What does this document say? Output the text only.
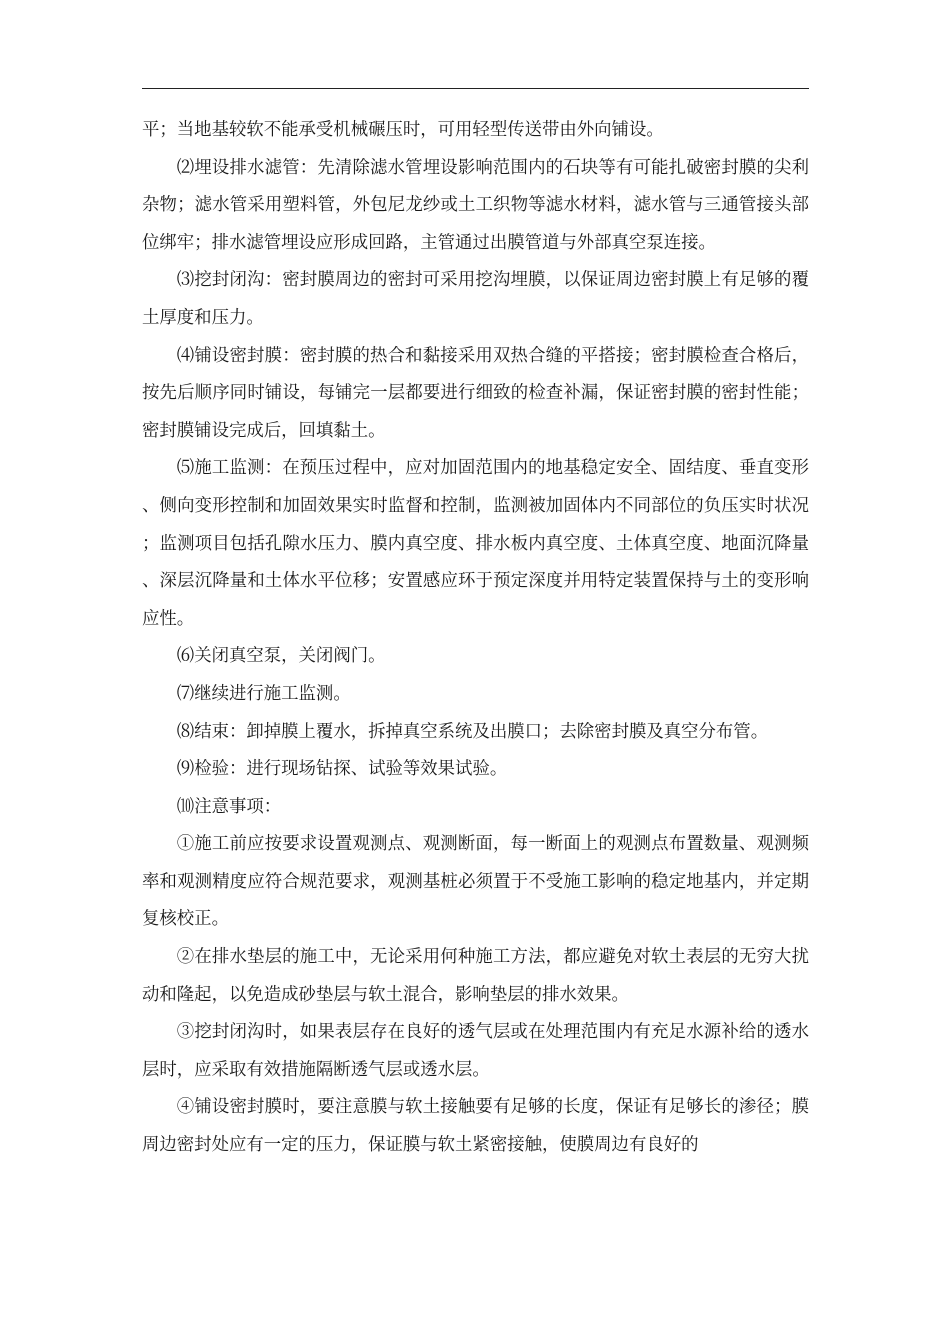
平；当地基较软不能承受机械碾压时，可用轻型传送带由外向铺设。

⑵埋设排水滤管：先清除滤水管埋设影响范围内的石块等有可能扎破密封膜的尖利杂物；滤水管采用塑料管，外包尼龙纱或土工织物等滤水材料，滤水管与三通管接头部位绑牢；排水滤管埋设应形成回路，主管通过出膜管道与外部真空泵连接。

⑶挖封闭沟：密封膜周边的密封可采用挖沟埋膜，以保证周边密封膜上有足够的覆土厚度和压力。

⑷铺设密封膜：密封膜的热合和黏接采用双热合缝的平搭接；密封膜检查合格后，按先后顺序同时铺设，每铺完一层都要进行细致的检查补漏，保证密封膜的密封性能；密封膜铺设完成后，回填黏土。

⑸施工监测：在预压过程中，应对加固范围内的地基稳定安全、固结度、垂直变形、侧向变形控制和加固效果实时监督和控制，监测被加固体内不同部位的负压实时状况；监测项目包括孔隙水压力、膜内真空度、排水板内真空度、土体真空度、地面沉降量、深层沉降量和土体水平位移；安置感应环于预定深度并用特定装置保持与土的变形响应性。

⑹关闭真空泵，关闭阀门。

⑺继续进行施工监测。

⑻结束：卸掉膜上覆水，拆掉真空系统及出膜口；去除密封膜及真空分布管。

⑼检验：进行现场钻探、试验等效果试验。

⑽注意事项：

①施工前应按要求设置观测点、观测断面，每一断面上的观测点布置数量、观测频率和观测精度应符合规范要求，观测基桩必须置于不受施工影响的稳定地基内，并定期复核校正。

②在排水垫层的施工中，无论采用何种施工方法，都应避免对软土表层的无穷大扰动和隆起，以免造成砂垫层与软土混合，影响垫层的排水效果。

③挖封闭沟时，如果表层存在良好的透气层或在处理范围内有充足水源补给的透水层时，应采取有效措施隔断透气层或透水层。

④铺设密封膜时，要注意膜与软土接触要有足够的长度，保证有足够长的渗径；膜周边密封处应有一定的压力，保证膜与软土紧密接触，使膜周边有良好的
